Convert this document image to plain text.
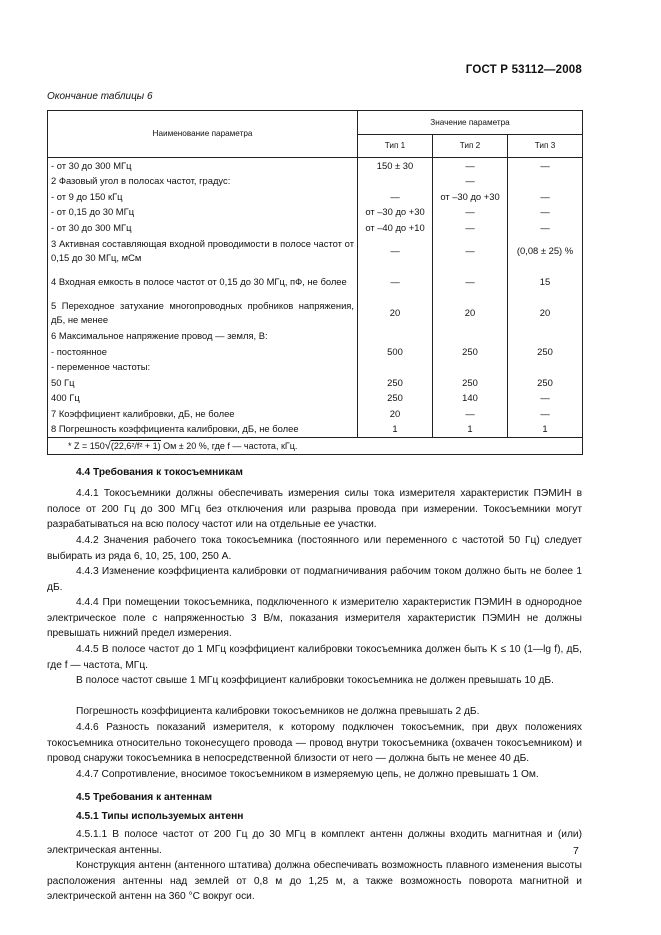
ГОСТ Р 53112—2008
Окончание таблицы 6
Наименование параметра	Значение параметра		
	Тип 1	Тип 2	Тип 3
- от 30 до 300 МГц	150 ± 30	—	—
2 Фазовый угол в полосах частот, градус:		—	
- от 9 до 150 кГц	—	от –30 до +30	—
- от 0,15 до 30 МГц	от –30 до +30	—	—
- от 30 до 300 МГц	от –40 до +10	—	—
3 Активная составляющая входной проводимости в полосе частот от 0,15 до 30 МГц, мСм	—	—	(0,08 ± 25) %
4 Входная емкость в полосе частот от 0,15 до 30 МГц, пФ, не более	—	—	15
5 Переходное затухание многопроводных пробников напряжения, дБ, не менее	20	20	20
6 Максимальное напряжение провод — земля, В:			
- постоянное	500	250	250
- переменное частоты:			
50 Гц	250	250	250
400 Гц	250	140	—
7 Коэффициент калибровки, дБ, не более	20	—	—
8 Погрешность коэффициента калибровки, дБ, не более	1	1	1
* Z = 150√(22,6²/f² + 1) Ом ± 20 %, где f — частота, кГц.			
4.4 Требования к токосъемникам
4.4.1 Токосъемники должны обеспечивать измерения силы тока измерителя характеристик ПЭМИН в полосе от 200 Гц до 300 МГц без отключения или разрыва провода при измерении. Токосъемники могут разрабатываться на всю полосу частот или на отдельные ее участки.
4.4.2 Значения рабочего тока токосъемника (постоянного или переменного с частотой 50 Гц) следует выбирать из ряда 6, 10, 25, 100, 250 А.
4.4.3 Изменение коэффициента калибровки от подмагничивания рабочим током должно быть не более 1 дБ.
4.4.4 При помещении токосъемника, подключенного к измерителю характеристик ПЭМИН в однородное электрическое поле с напряженностью 3 В/м, показания измерителя характеристик ПЭМИН не должны превышать нижний предел измерения.
4.4.5 В полосе частот до 1 МГц коэффициент калибровки токосъемника должен быть K ≤ 10 (1—lg f), дБ, где f — частота, МГц.
В полосе частот свыше 1 МГц коэффициент калибровки токосъемника не должен превышать 10 дБ.
Погрешность коэффициента калибровки токосъемников не должна превышать 2 дБ.
4.4.6 Разность показаний измерителя, к которому подключен токосъемник, при двух положениях токосъемника относительно токонесущего провода — провод внутри токосъемника (охвачен токосъемником) и провод снаружи токосъемника в непосредственной близости от него — должна быть не менее 40 дБ.
4.4.7 Сопротивление, вносимое токосъемником в измеряемую цепь, не должно превышать 1 Ом.
4.5 Требования к антеннам
4.5.1 Типы используемых антенн
4.5.1.1 В полосе частот от 200 Гц до 30 МГц в комплект антенн должны входить магнитная и (или) электрическая антенны.
Конструкция антенн (антенного штатива) должна обеспечивать возможность плавного изменения высоты расположения антенны над землей от 0,8 м до 1,25 м, а также возможность поворота магнитной и электрической антенн на 360 °С вокруг оси.
7
